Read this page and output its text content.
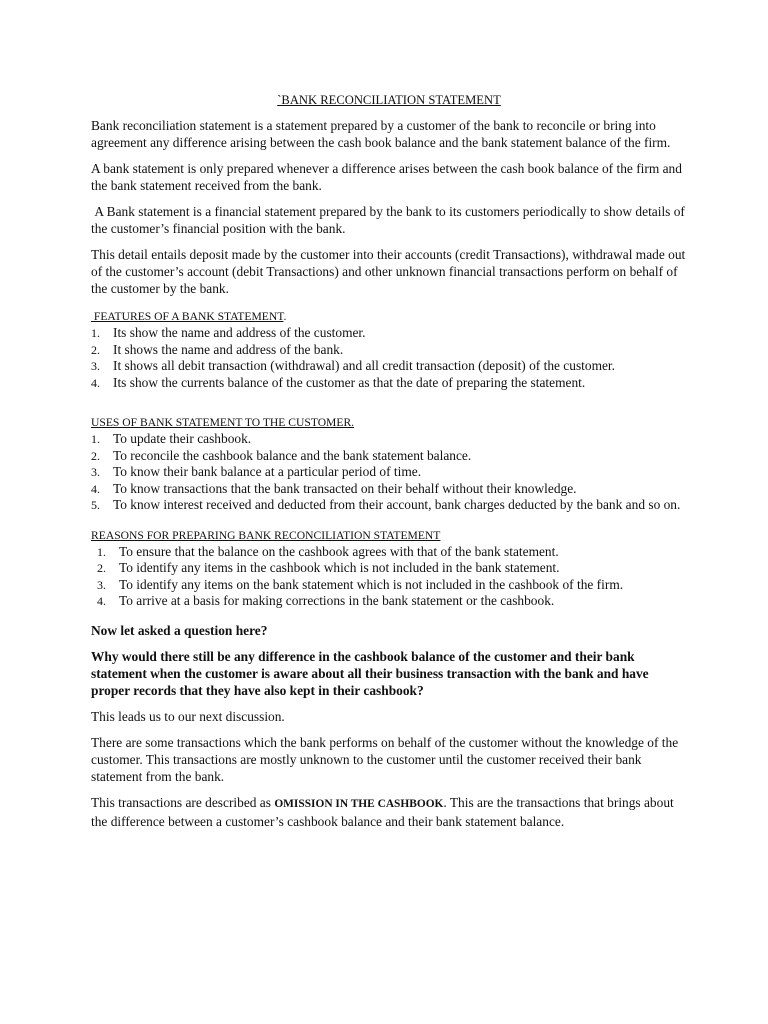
`BANK RECONCILIATION STATEMENT

Bank reconciliation statement is a statement prepared by a customer of the bank to reconcile or bring into agreement any difference arising between the cash book balance and the bank statement balance of the firm.

A bank statement is only prepared whenever a difference arises between the cash book balance of the firm and the bank statement received from the bank.

A Bank statement is a financial statement prepared by the bank to its customers periodically to show details of the customer’s financial position with the bank.

This detail entails deposit made by the customer into their accounts (credit Transactions), withdrawal made out of the customer’s account (debit Transactions) and other unknown financial transactions perform on behalf of the customer by the bank.

FEATURES OF A BANK STATEMENT.
1. Its show the name and address of the customer.
2. It shows the name and address of the bank.
3. It shows all debit transaction (withdrawal) and all credit transaction (deposit) of the customer.
4. Its show the currents balance of the customer as that the date of preparing the statement.
USES OF BANK STATEMENT TO THE CUSTOMER.
1. To update their cashbook.
2. To reconcile the cashbook balance and the bank statement balance.
3. To know their bank balance at a particular period of time.
4. To know transactions that the bank transacted on their behalf without their knowledge.
5. To know interest received and deducted from their account, bank charges deducted by the bank and so on.
REASONS FOR PREPARING BANK RECONCILIATION STATEMENT
1. To ensure that the balance on the cashbook agrees with that of the bank statement.
2. To identify any items in the cashbook which is not included in the bank statement.
3. To identify any items on the bank statement which is not included in the cashbook of the firm.
4. To arrive at a basis for making corrections in the bank statement or the cashbook.

Now let asked a question here?

Why would there still be any difference in the cashbook balance of the customer and their bank statement when the customer is aware about all their business transaction with the bank and have proper records that they have also kept in their cashbook?

This leads us to our next discussion.

There are some transactions which the bank performs on behalf of the customer without the knowledge of the customer. This transactions are mostly unknown to the customer until the customer received their bank statement from the bank.

This transactions are described as OMISSION IN THE CASHBOOK. This are the transactions that brings about the difference between a customer’s cashbook balance and their bank statement balance.
